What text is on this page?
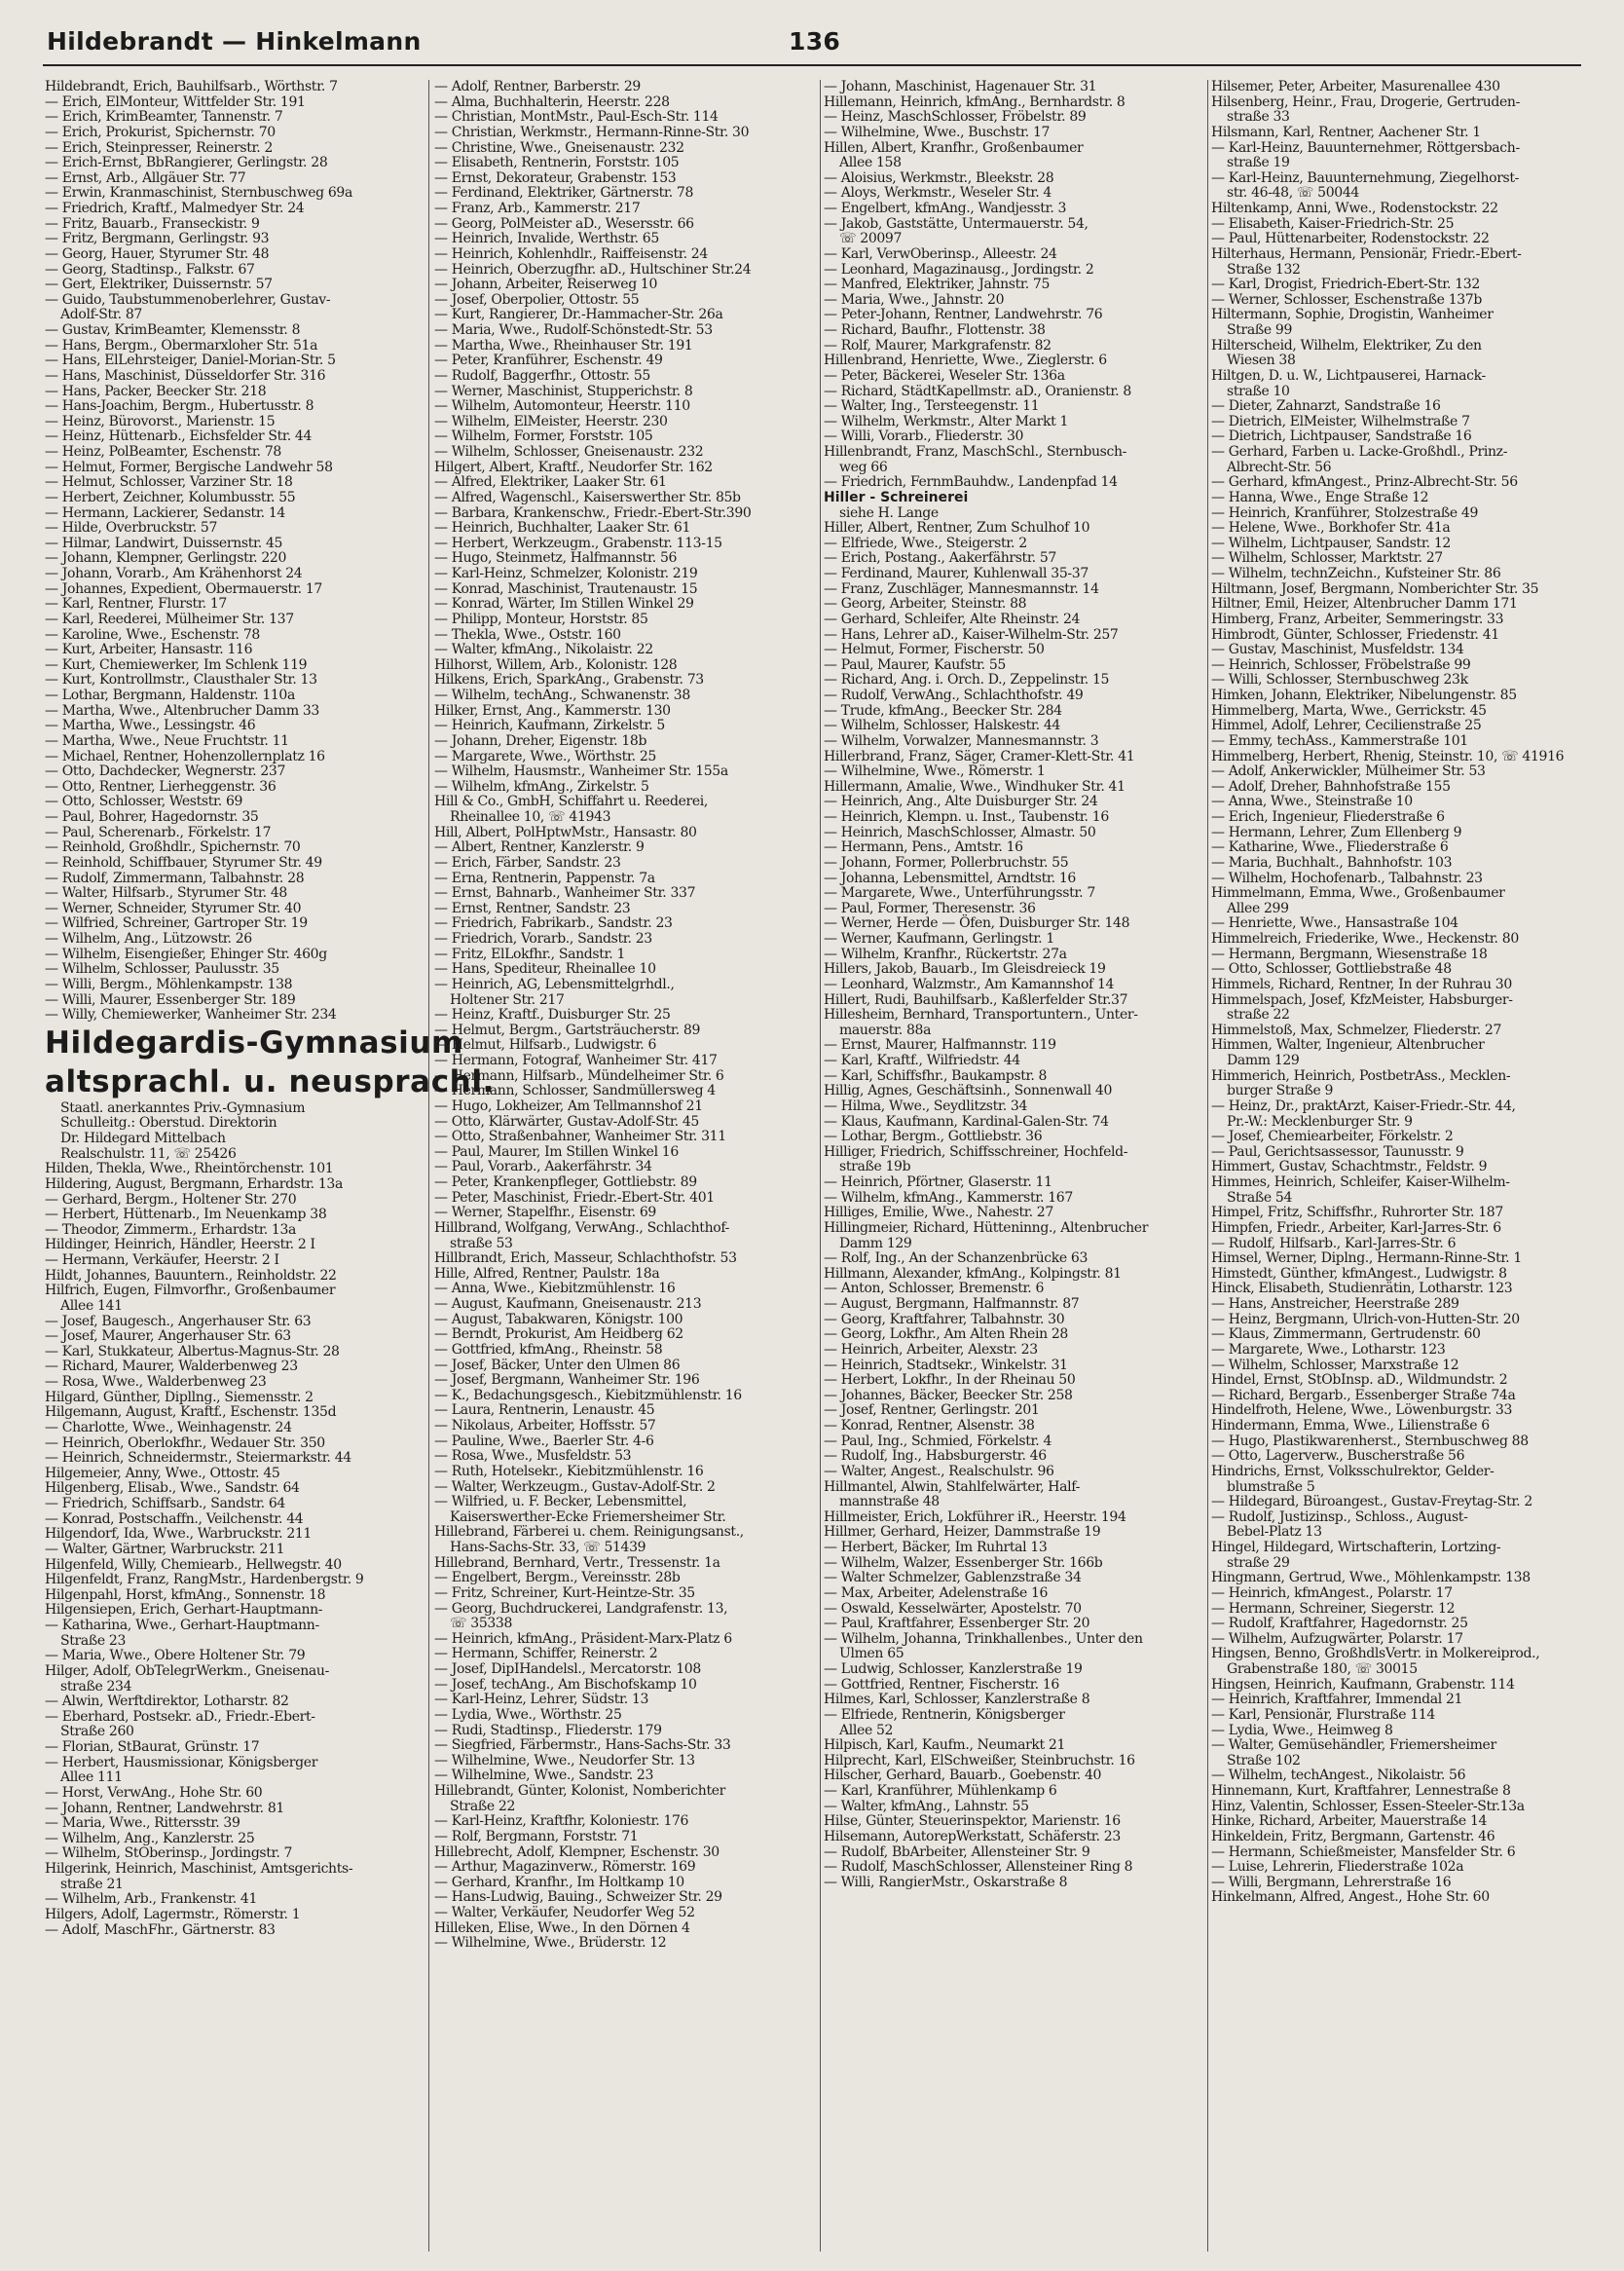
Hildebrandt — Hinkelmann	136
Hildebrandt, Erich, Bauhilfsarb., Wörthstr. 7
— Erich, ElMonteur, Wittfelder Str. 191
— Erich, KrimBeamter, Tannenstr. 7
— Erich, Prokurist, Spichernstr. 70
— Erich, Steinpresser, Reinerstr. 2
— Erich-Ernst, BbRangierer, Gerlingstr. 28
— Ernst, Arb., Allgäuer Str. 77
— Erwin, Kranmaschinist, Sternbuschweg 69a
— Friedrich, Kraftf., Malmedyer Str. 24
— Fritz, Bauarb., Franseckistr. 9
— Fritz, Bergmann, Gerlingstr. 93
— Georg, Hauer, Styrumer Str. 48
— Georg, Stadtinsp., Falkstr. 67
— Gert, Elektriker, Duissernstr. 57
— Guido, Taubstummenoberlehrer, Gustav-
Adolf-Str. 87
— Gustav, KrimBeamter, Klemensstr. 8
— Hans, Bergm., Obermarxloher Str. 51a
— Hans, ElLehrsteiger, Daniel-Morian-Str. 5
— Hans, Maschinist, Düsseldorfer Str. 316
— Hans, Packer, Beecker Str. 218
— Hans-Joachim, Bergm., Hubertusstr. 8
— Heinz, Bürovorst., Marienstr. 15
— Heinz, Hüttenarb., Eichsfelder Str. 44
— Heinz, PolBeamter, Eschenstr. 78
— Helmut, Former, Bergische Landwehr 58
— Helmut, Schlosser, Varziner Str. 18
— Herbert, Zeichner, Kolumbusstr. 55
— Hermann, Lackierer, Sedanstr. 14
— Hilde, Overbruckstr. 57
— Hilmar, Landwirt, Duissernstr. 45
— Johann, Klempner, Gerlingstr. 220
— Johann, Vorarb., Am Krähenhorst 24
— Johannes, Expedient, Obermauerstr. 17
— Karl, Rentner, Flurstr. 17
— Karl, Reederei, Mülheimer Str. 137
— Karoline, Wwe., Eschenstr. 78
— Kurt, Arbeiter, Hansastr. 116
— Kurt, Chemiewerker, Im Schlenk 119
— Kurt, Kontrollmstr., Clausthaler Str. 13
— Lothar, Bergmann, Haldenstr. 110a
— Martha, Wwe., Altenbrucher Damm 33
— Martha, Wwe., Lessingstr. 46
— Martha, Wwe., Neue Fruchtstr. 11
— Michael, Rentner, Hohenzollernplatz 16
— Otto, Dachdecker, Wegnerstr. 237
— Otto, Rentner, Lierheggenstr. 36
— Otto, Schlosser, Weststr. 69
— Paul, Bohrer, Hagedornstr. 35
— Paul, Scherenarb., Förkelstr. 17
— Reinhold, Großhdlr., Spichernstr. 70
— Reinhold, Schiffbauer, Styrumer Str. 49
— Rudolf, Zimmermann, Talbahnstr. 28
— Walter, Hilfsarb., Styrumer Str. 48
— Werner, Schneider, Styrumer Str. 40
— Wilfried, Schreiner, Gartroper Str. 19
— Wilhelm, Ang., Lützowstr. 26
— Wilhelm, Eisengießer, Ehinger Str. 460g
— Wilhelm, Schlosser, Paulusstr. 35
— Willi, Bergm., Möhlenkampstr. 138
— Willi, Maurer, Essenberger Str. 189
— Willy, Chemiewerker, Wanheimer Str. 234
Hildegardis-Gymnasium
altsprachl. u. neusprachl.
Staatl. anerkanntes Priv.-Gymnasium
Schulleitg.: Oberstud. Direktorin
Dr. Hildegard Mittelbach
Realschulstr. 11, ☏ 25426
Hilden, Thekla, Wwe., Rheintörchenstr. 101
Hildering, August, Bergmann, Erhardstr. 13a
— Gerhard, Bergm., Holtener Str. 270
— Herbert, Hüttenarb., Im Neuenkamp 38
— Theodor, Zimmerm., Erhardstr. 13a
Hildinger, Heinrich, Händler, Heerstr. 2 I
— Hermann, Verkäufer, Heerstr. 2 I
Hildt, Johannes, Bauuntern., Reinholdstr. 22
Hilfrich, Eugen, Filmvorfhr., Großenbaumer
Allee 141
— Josef, Baugesch., Angerhauser Str. 63
— Josef, Maurer, Angerhauser Str. 63
— Karl, Stukkateur, Albertus-Magnus-Str. 28
— Richard, Maurer, Walderbenweg 23
— Rosa, Wwe., Walderbenweg 23
Hilgard, Günther, Dipllng., Siemensstr. 2
Hilgemann, August, Kraftf., Eschenstr. 135d
— Charlotte, Wwe., Weinhagenstr. 24
— Heinrich, Oberlokfhr., Wedauer Str. 350
— Heinrich, Schneidermstr., Steiermarkstr. 44
Hilgemeier, Anny, Wwe., Ottostr. 45
Hilgenberg, Elisab., Wwe., Sandstr. 64
— Friedrich, Schiffsarb., Sandstr. 64
— Konrad, Postschaffn., Veilchenstr. 44
Hilgendorf, Ida, Wwe., Warbruckstr. 211
— Walter, Gärtner, Warbruckstr. 211
Hilgenfeld, Willy, Chemiearb., Hellwegstr. 40
Hilgenfeldt, Franz, RangMstr., Hardenbergstr. 9
Hilgenpahl, Horst, kfmAng., Sonnenstr. 18
Hilgensiepen, Erich, Gerhart-Hauptmann-
— Katharina, Wwe., Gerhart-Hauptmann-
Straße 23
— Maria, Wwe., Obere Holtener Str. 79
Hilger, Adolf, ObTelegrWerkm., Gneisenau-
straße 234
— Alwin, Werftdirektor, Lotharstr. 82
— Eberhard, Postsekr. aD., Friedr.-Ebert-
Straße 260
— Florian, StBaurat, Grünstr. 17
— Herbert, Hausmissionar, Königsberger
Allee 111
— Horst, VerwAng., Hohe Str. 60
— Johann, Rentner, Landwehrstr. 81
— Maria, Wwe., Rittersstr. 39
— Wilhelm, Ang., Kanzlerstr. 25
— Wilhelm, StOberinsp., Jordingstr. 7
Hilgerink, Heinrich, Maschinist, Amtsgerichts-
straße 21
— Wilhelm, Arb., Frankenstr. 41
Hilgers, Adolf, Lagermstr., Römerstr. 1
— Adolf, MaschFhr., Gärtnerstr. 83
— Adolf, Rentner, Barberstr. 29
— Alma, Buchhalterin, Heerstr. 228
— Christian, MontMstr., Paul-Esch-Str. 114
— Christian, Werkmstr., Hermann-Rinne-Str. 30
— Christine, Wwe., Gneisenaustr. 232
— Elisabeth, Rentnerin, Forststr. 105
— Ernst, Dekorateur, Grabenstr. 153
— Ferdinand, Elektriker, Gärtnerstr. 78
— Franz, Arb., Kammerstr. 217
— Georg, PolMeister aD., Wesersstr. 66
— Heinrich, Invalide, Werthstr. 65
— Heinrich, Kohlenhdlr., Raiffeisenstr. 24
— Heinrich, Oberzugfhr. aD., Hultschiner Str.24
— Johann, Arbeiter, Reiserweg 10
— Josef, Oberpolier, Ottostr. 55
— Kurt, Rangierer, Dr.-Hammacher-Str. 26a
— Maria, Wwe., Rudolf-Schönstedt-Str. 53
— Martha, Wwe., Rheinhauser Str. 191
— Peter, Kranführer, Eschenstr. 49
— Rudolf, Baggerfhr., Ottostr. 55
— Werner, Maschinist, Stupperichstr. 8
— Wilhelm, Automonteur, Heerstr. 110
— Wilhelm, ElMeister, Heerstr. 230
— Wilhelm, Former, Forststr. 105
— Wilhelm, Schlosser, Gneisenaustr. 232
Hilgert, Albert, Kraftf., Neudorfer Str. 162
— Alfred, Elektriker, Laaker Str. 61
— Alfred, Wagenschl., Kaiserswerther Str. 85b
— Barbara, Krankenschw., Friedr.-Ebert-Str.390
— Heinrich, Buchhalter, Laaker Str. 61
— Herbert, Werkzeugm., Grabenstr. 113-15
— Hugo, Steinmetz, Halfmannstr. 56
— Karl-Heinz, Schmelzer, Kolonistr. 219
— Konrad, Maschinist, Trautenaustr. 15
— Konrad, Wärter, Im Stillen Winkel 29
— Philipp, Monteur, Horststr. 85
— Thekla, Wwe., Oststr. 160
— Walter, kfmAng., Nikolaistr. 22
Hilhorst, Willem, Arb., Kolonistr. 128
Hilkens, Erich, SparkAng., Grabenstr. 73
— Wilhelm, techAng., Schwanenstr. 38
Hilker, Ernst, Ang., Kammerstr. 130
— Heinrich, Kaufmann, Zirkelstr. 5
— Johann, Dreher, Eigenstr. 18b
— Margarete, Wwe., Wörthstr. 25
— Wilhelm, Hausmstr., Wanheimer Str. 155a
— Wilhelm, kfmAng., Zirkelstr. 5
Hill & Co., GmbH, Schiffahrt u. Reederei,
Rheinallee 10, ☏ 41943
Hill, Albert, PolHptwMstr., Hansastr. 80
— Albert, Rentner, Kanzlerstr. 9
— Erich, Färber, Sandstr. 23
— Erna, Rentnerin, Pappenstr. 7a
— Ernst, Bahnarb., Wanheimer Str. 337
— Ernst, Rentner, Sandstr. 23
— Friedrich, Fabrikarb., Sandstr. 23
— Friedrich, Vorarb., Sandstr. 23
— Fritz, ElLokfhr., Sandstr. 1
— Hans, Spediteur, Rheinallee 10
— Heinrich, AG, Lebensmittelgrhdl.,
Holtener Str. 217
— Heinz, Kraftf., Duisburger Str. 25
— Helmut, Bergm., Gartsträucherstr. 89
— Helmut, Hilfsarb., Ludwigstr. 6
— Hermann, Fotograf, Wanheimer Str. 417
— Hermann, Hilfsarb., Mündelheimer Str. 6
— Hermann, Schlosser, Sandmüllersweg 4
— Hugo, Lokheizer, Am Tellmannshof 21
— Otto, Klärwärter, Gustav-Adolf-Str. 45
— Otto, Straßenbahner, Wanheimer Str. 311
— Paul, Maurer, Im Stillen Winkel 16
— Paul, Vorarb., Aakerfährstr. 34
— Peter, Krankenpfleger, Gottliebstr. 89
— Peter, Maschinist, Friedr.-Ebert-Str. 401
— Werner, Stapelfhr., Eisenstr. 69
Hillbrand, Wolfgang, VerwAng., Schlachthof-
straße 53
Hillbrandt, Erich, Masseur, Schlachthofstr. 53
Hille, Alfred, Rentner, Paulstr. 18a
— Anna, Wwe., Kiebitzmühlenstr. 16
— August, Kaufmann, Gneisenaustr. 213
— August, Tabakwaren, Königstr. 100
— Berndt, Prokurist, Am Heidberg 62
— Gottfried, kfmAng., Rheinstr. 58
— Josef, Bäcker, Unter den Ulmen 86
— Josef, Bergmann, Wanheimer Str. 196
— K., Bedachungsgesch., Kiebitzmühlenstr. 16
— Laura, Rentnerin, Lenaustr. 45
— Nikolaus, Arbeiter, Hoffsstr. 57
— Pauline, Wwe., Baerler Str. 4-6
— Rosa, Wwe., Musfeldstr. 53
— Ruth, Hotelsekr., Kiebitzmühlenstr. 16
— Walter, Werkzeugm., Gustav-Adolf-Str. 2
— Wilfried, u. F. Becker, Lebensmittel,
Kaiserswerther-Ecke Friemersheimer Str.
Hillebrand, Färberei u. chem. Reinigungsanst.,
Hans-Sachs-Str. 33, ☏ 51439
Hillebrand, Bernhard, Vertr., Tressenstr. 1a
— Engelbert, Bergm., Vereinsstr. 28b
— Fritz, Schreiner, Kurt-Heintze-Str. 35
— Georg, Buchdruckerei, Landgrafenstr. 13,
☏ 35338
— Heinrich, kfmAng., Präsident-Marx-Platz 6
— Hermann, Schiffer, Reinerstr. 2
— Josef, DipIHandelsl., Mercatorstr. 108
— Josef, techAng., Am Bischofskamp 10
— Karl-Heinz, Lehrer, Südstr. 13
— Lydia, Wwe., Wörthstr. 25
— Rudi, Stadtinsp., Fliederstr. 179
— Siegfried, Färbermstr., Hans-Sachs-Str. 33
— Wilhelmine, Wwe., Neudorfer Str. 13
— Wilhelmine, Wwe., Sandstr. 23
Hillebrandt, Günter, Kolonist, Nomberichter
Straße 22
— Karl-Heinz, Kraftfhr, Koloniestr. 176
— Rolf, Bergmann, Forststr. 71
Hillebrecht, Adolf, Klempner, Eschenstr. 30
— Arthur, Magazinverw., Römerstr. 169
— Gerhard, Kranfhr., Im Holtkamp 10
— Hans-Ludwig, Bauing., Schweizer Str. 29
— Walter, Verkäufer, Neudorfer Weg 52
Hilleken, Elise, Wwe., In den Dörnen 4
— Wilhelmine, Wwe., Brüderstr. 12
— Johann, Maschinist, Hagenauer Str. 31
Hillemann, Heinrich, kfmAng., Bernhardstr. 8
— Heinz, MaschSchlosser, Fröbelstr. 89
— Wilhelmine, Wwe., Buschstr. 17
Hillen, Albert, Kranfhr., Großenbaumer
Allee 158
— Aloisius, Werkmstr., Bleekstr. 28
— Aloys, Werkmstr., Weseler Str. 4
— Engelbert, kfmAng., Wandjesstr. 3
— Jakob, Gaststätte, Untermauerstr. 54,
☏ 20097
— Karl, VerwOberinsp., Alleestr. 24
— Leonhard, Magazinausg., Jordingstr. 2
— Manfred, Elektriker, Jahnstr. 75
— Maria, Wwe., Jahnstr. 20
— Peter-Johann, Rentner, Landwehrstr. 76
— Richard, Baufhr., Flottenstr. 38
— Rolf, Maurer, Markgrafenstr. 82
Hillenbrand, Henriette, Wwe., Zieglerstr. 6
— Peter, Bäckerei, Weseler Str. 136a
— Richard, StädtKapellmstr. aD., Oranienstr. 8
— Walter, Ing., Tersteegenstr. 11
— Wilhelm, Werkmstr., Alter Markt 1
— Willi, Vorarb., Fliederstr. 30
Hillenbrandt, Franz, MaschSchl., Sternbusch-
weg 66
— Friedrich, FernmBauhdw., Landenpfad 14
Hiller - Schreinerei
siehe H. Lange
Hiller, Albert, Rentner, Zum Schulhof 10
— Elfriede, Wwe., Steigerstr. 2
— Erich, Postang., Aakerfährstr. 57
— Ferdinand, Maurer, Kuhlenwall 35-37
— Franz, Zuschläger, Mannesmannstr. 14
— Georg, Arbeiter, Steinstr. 88
— Gerhard, Schleifer, Alte Rheinstr. 24
— Hans, Lehrer aD., Kaiser-Wilhelm-Str. 257
— Helmut, Former, Fischerstr. 50
— Paul, Maurer, Kaufstr. 55
— Richard, Ang. i. Orch. D., Zeppelinstr. 15
— Rudolf, VerwAng., Schlachthofstr. 49
— Trude, kfmAng., Beecker Str. 284
— Wilhelm, Schlosser, Halskestr. 44
— Wilhelm, Vorwalzer, Mannesmannstr. 3
Hillerbrand, Franz, Säger, Cramer-Klett-Str. 41
— Wilhelmine, Wwe., Römerstr. 1
Hillermann, Amalie, Wwe., Windhuker Str. 41
— Heinrich, Ang., Alte Duisburger Str. 24
— Heinrich, Klempn. u. Inst., Taubenstr. 16
— Heinrich, MaschSchlosser, Almastr. 50
— Hermann, Pens., Amtstr. 16
— Johann, Former, Pollerbruchstr. 55
— Johanna, Lebensmittel, Arndtstr. 16
— Margarete, Wwe., Unterführungsstr. 7
— Paul, Former, Theresenstr. 36
— Werner, Herde — Öfen, Duisburger Str. 148
— Werner, Kaufmann, Gerlingstr. 1
— Wilhelm, Kranfhr., Rückertstr. 27a
Hillers, Jakob, Bauarb., Im Gleisdreieck 19
— Leonhard, Walzmstr., Am Kamannshof 14
Hillert, Rudi, Bauhilfsarb., Kaßlerfelder Str.37
Hillesheim, Bernhard, Transportuntern., Unter-
mauerstr. 88a
— Ernst, Maurer, Halfmannstr. 119
— Karl, Kraftf., Wilfriedstr. 44
— Karl, Schiffsfhr., Baukampstr. 8
Hillig, Agnes, Geschäftsinh., Sonnenwall 40
— Hilma, Wwe., Seydlitzstr. 34
— Klaus, Kaufmann, Kardinal-Galen-Str. 74
— Lothar, Bergm., Gottliebstr. 36
Hilliger, Friedrich, Schiffsschreiner, Hochfeld-
straße 19b
— Heinrich, Pförtner, Glaserstr. 11
— Wilhelm, kfmAng., Kammerstr. 167
Hilliges, Emilie, Wwe., Nahestr. 27
Hillingmeier, Richard, Hütteninng., Altenbrucher
Damm 129
— Rolf, Ing., An der Schanzenbrücke 63
Hillmann, Alexander, kfmAng., Kolpingstr. 81
— Anton, Schlosser, Bremenstr. 6
— August, Bergmann, Halfmannstr. 87
— Georg, Kraftfahrer, Talbahnstr. 30
— Georg, Lokfhr., Am Alten Rhein 28
— Heinrich, Arbeiter, Alexstr. 23
— Heinrich, Stadtsekr., Winkelstr. 31
— Herbert, Lokfhr., In der Rheinau 50
— Johannes, Bäcker, Beecker Str. 258
— Josef, Rentner, Gerlingstr. 201
— Konrad, Rentner, Alsenstr. 38
— Paul, Ing., Schmied, Förkelstr. 4
— Rudolf, Ing., Habsburgerstr. 46
— Walter, Angest., Realschulstr. 96
Hillmantel, Alwin, Stahlfelwärter, Half-
mannstraße 48
Hillmeister, Erich, Lokführer iR., Heerstr. 194
Hillmer, Gerhard, Heizer, Dammstraße 19
— Herbert, Bäcker, Im Ruhrtal 13
— Wilhelm, Walzer, Essenberger Str. 166b
— Walter Schmelzer, Gablenzstraße 34
— Max, Arbeiter, Adelenstraße 16
— Oswald, Kesselwärter, Apostelstr. 70
— Paul, Kraftfahrer, Essenberger Str. 20
— Wilhelm, Johanna, Trinkhallenbes., Unter den
Ulmen 65
— Ludwig, Schlosser, Kanzlerstraße 19
— Gottfried, Rentner, Fischerstr. 16
Hilmes, Karl, Schlosser, Kanzlerstraße 8
— Elfriede, Rentnerin, Königsberger
Allee 52
Hilpisch, Karl, Kaufm., Neumarkt 21
Hilprecht, Karl, ElSchweißer, Steinbruchstr. 16
Hilscher, Gerhard, Bauarb., Goebenstr. 40
— Karl, Kranführer, Mühlenkamp 6
— Walter, kfmAng., Lahnstr. 55
Hilse, Günter, Steuerinspektor, Marienstr. 16
Hilsemann, AutorepWerkstatt, Schäferstr. 23
— Rudolf, BbArbeiter, Allensteiner Str. 9
— Rudolf, MaschSchlosser, Allensteiner Ring 8
— Willi, RangierMstr., Oskarstraße 8
Hilsemer, Peter, Arbeiter, Masurenallee 430
Hilsenberg, Heinr., Frau, Drogerie, Gertruden-
straße 33
Hilsmann, Karl, Rentner, Aachener Str. 1
— Karl-Heinz, Bauunternehmer, Röttgersbach-
straße 19
— Karl-Heinz, Bauunternehmung, Ziegelhorst-
str. 46-48, ☏ 50044
Hiltenkamp, Anni, Wwe., Rodenstockstr. 22
— Elisabeth, Kaiser-Friedrich-Str. 25
— Paul, Hüttenarbeiter, Rodenstockstr. 22
Hilterhaus, Hermann, Pensionär, Friedr.-Ebert-
Straße 132
— Karl, Drogist, Friedrich-Ebert-Str. 132
— Werner, Schlosser, Eschenstraße 137b
Hiltermann, Sophie, Drogistin, Wanheimer
Straße 99
Hilterscheid, Wilhelm, Elektriker, Zu den
Wiesen 38
Hiltgen, D. u. W., Lichtpauserei, Harnack-
straße 10
— Dieter, Zahnarzt, Sandstraße 16
— Dietrich, ElMeister, Wilhelmstraße 7
— Dietrich, Lichtpauser, Sandstraße 16
— Gerhard, Farben u. Lacke-Großhdl., Prinz-
Albrecht-Str. 56
— Gerhard, kfmAngest., Prinz-Albrecht-Str. 56
— Hanna, Wwe., Enge Straße 12
— Heinrich, Kranführer, Stolzestraße 49
— Helene, Wwe., Borkhofer Str. 41a
— Wilhelm, Lichtpauser, Sandstr. 12
— Wilhelm, Schlosser, Marktstr. 27
— Wilhelm, technZeichn., Kufsteiner Str. 86
Hiltmann, Josef, Bergmann, Nomberichter Str. 35
Hiltner, Emil, Heizer, Altenbrucher Damm 171
Himberg, Franz, Arbeiter, Semmeringstr. 33
Himbrodt, Günter, Schlosser, Friedenstr. 41
— Gustav, Maschinist, Musfeldstr. 134
— Heinrich, Schlosser, Fröbelstraße 99
— Willi, Schlosser, Sternbuschweg 23k
Himken, Johann, Elektriker, Nibelungenstr. 85
Himmelberg, Marta, Wwe., Gerrickstr. 45
Himmel, Adolf, Lehrer, Cecilienstraße 25
— Emmy, techAss., Kammerstraße 101
Himmelberg, Herbert, Rhenig, Steinstr. 10, ☏ 41916
— Adolf, Ankerwickler, Mülheimer Str. 53
— Adolf, Dreher, Bahnhofstraße 155
— Anna, Wwe., Steinstraße 10
— Erich, Ingenieur, Fliederstraße 6
— Hermann, Lehrer, Zum Ellenberg 9
— Katharine, Wwe., Fliederstraße 6
— Maria, Buchhalt., Bahnhofstr. 103
— Wilhelm, Hochofenarb., Talbahnstr. 23
Himmelmann, Emma, Wwe., Großenbaumer
Allee 299
— Henriette, Wwe., Hansastraße 104
Himmelreich, Friederike, Wwe., Heckenstr. 80
— Hermann, Bergmann, Wiesenstraße 18
— Otto, Schlosser, Gottliebstraße 48
Himmels, Richard, Rentner, In der Ruhrau 30
Himmelspach, Josef, KfzMeister, Habsburger-
straße 22
Himmelstoß, Max, Schmelzer, Fliederstr. 27
Himmen, Walter, Ingenieur, Altenbrucher
Damm 129
Himmerich, Heinrich, PostbetrAss., Mecklen-
burger Straße 9
— Heinz, Dr., praktArzt, Kaiser-Friedr.-Str. 44,
Pr.-W.: Mecklenburger Str. 9
— Josef, Chemiearbeiter, Förkelstr. 2
— Paul, Gerichtsassessor, Taunusstr. 9
Himmert, Gustav, Schachtmstr., Feldstr. 9
Himmes, Heinrich, Schleifer, Kaiser-Wilhelm-
Straße 54
Himpel, Fritz, Schiffsfhr., Ruhrorter Str. 187
Himpfen, Friedr., Arbeiter, Karl-Jarres-Str. 6
— Rudolf, Hilfsarb., Karl-Jarres-Str. 6
Himsel, Werner, Diplng., Hermann-Rinne-Str. 1
Himstedt, Günther, kfmAngest., Ludwigstr. 8
Hinck, Elisabeth, Studienrätin, Lotharstr. 123
— Hans, Anstreicher, Heerstraße 289
— Heinz, Bergmann, Ulrich-von-Hutten-Str. 20
— Klaus, Zimmermann, Gertrudenstr. 60
— Margarete, Wwe., Lotharstr. 123
— Wilhelm, Schlosser, Marxstraße 12
Hindel, Ernst, StObInsp. aD., Wildmundstr. 2
— Richard, Bergarb., Essenberger Straße 74a
Hindelfroth, Helene, Wwe., Löwenburgstr. 33
Hindermann, Emma, Wwe., Lilienstraße 6
— Hugo, Plastikwarenherst., Sternbuschweg 88
— Otto, Lagerverw., Buscherstraße 56
Hindrichs, Ernst, Volksschulrektor, Gelder-
blumstraße 5
— Hildegard, Büroangest., Gustav-Freytag-Str. 2
— Rudolf, Justizinsp., Schloss., August-
Bebel-Platz 13
Hingel, Hildegard, Wirtschafterin, Lortzing-
straße 29
Hingmann, Gertrud, Wwe., Möhlenkampstr. 138
— Heinrich, kfmAngest., Polarstr. 17
— Hermann, Schreiner, Siegerstr. 12
— Rudolf, Kraftfahrer, Hagedornstr. 25
— Wilhelm, Aufzugwärter, Polarstr. 17
Hingsen, Benno, GroßhdlsVertr. in Molkereiprod.,
Grabenstraße 180, ☏ 30015
Hingsen, Heinrich, Kaufmann, Grabenstr. 114
— Heinrich, Kraftfahrer, Immendal 21
— Karl, Pensionär, Flurstraße 114
— Lydia, Wwe., Heimweg 8
— Walter, Gemüsehändler, Friemersheimer
Straße 102
— Wilhelm, techAngest., Nikolaistr. 56
Hinnemann, Kurt, Kraftfahrer, Lennestraße 8
Hinz, Valentin, Schlosser, Essen-Steeler-Str.13a
Hinke, Richard, Arbeiter, Mauerstraße 14
Hinkeldein, Fritz, Bergmann, Gartenstr. 46
— Hermann, Schießmeister, Mansfelder Str. 6
— Luise, Lehrerin, Fliederstraße 102a
— Willi, Bergmann, Lehrerstraße 16
Hinkelmann, Alfred, Angest., Hohe Str. 60
